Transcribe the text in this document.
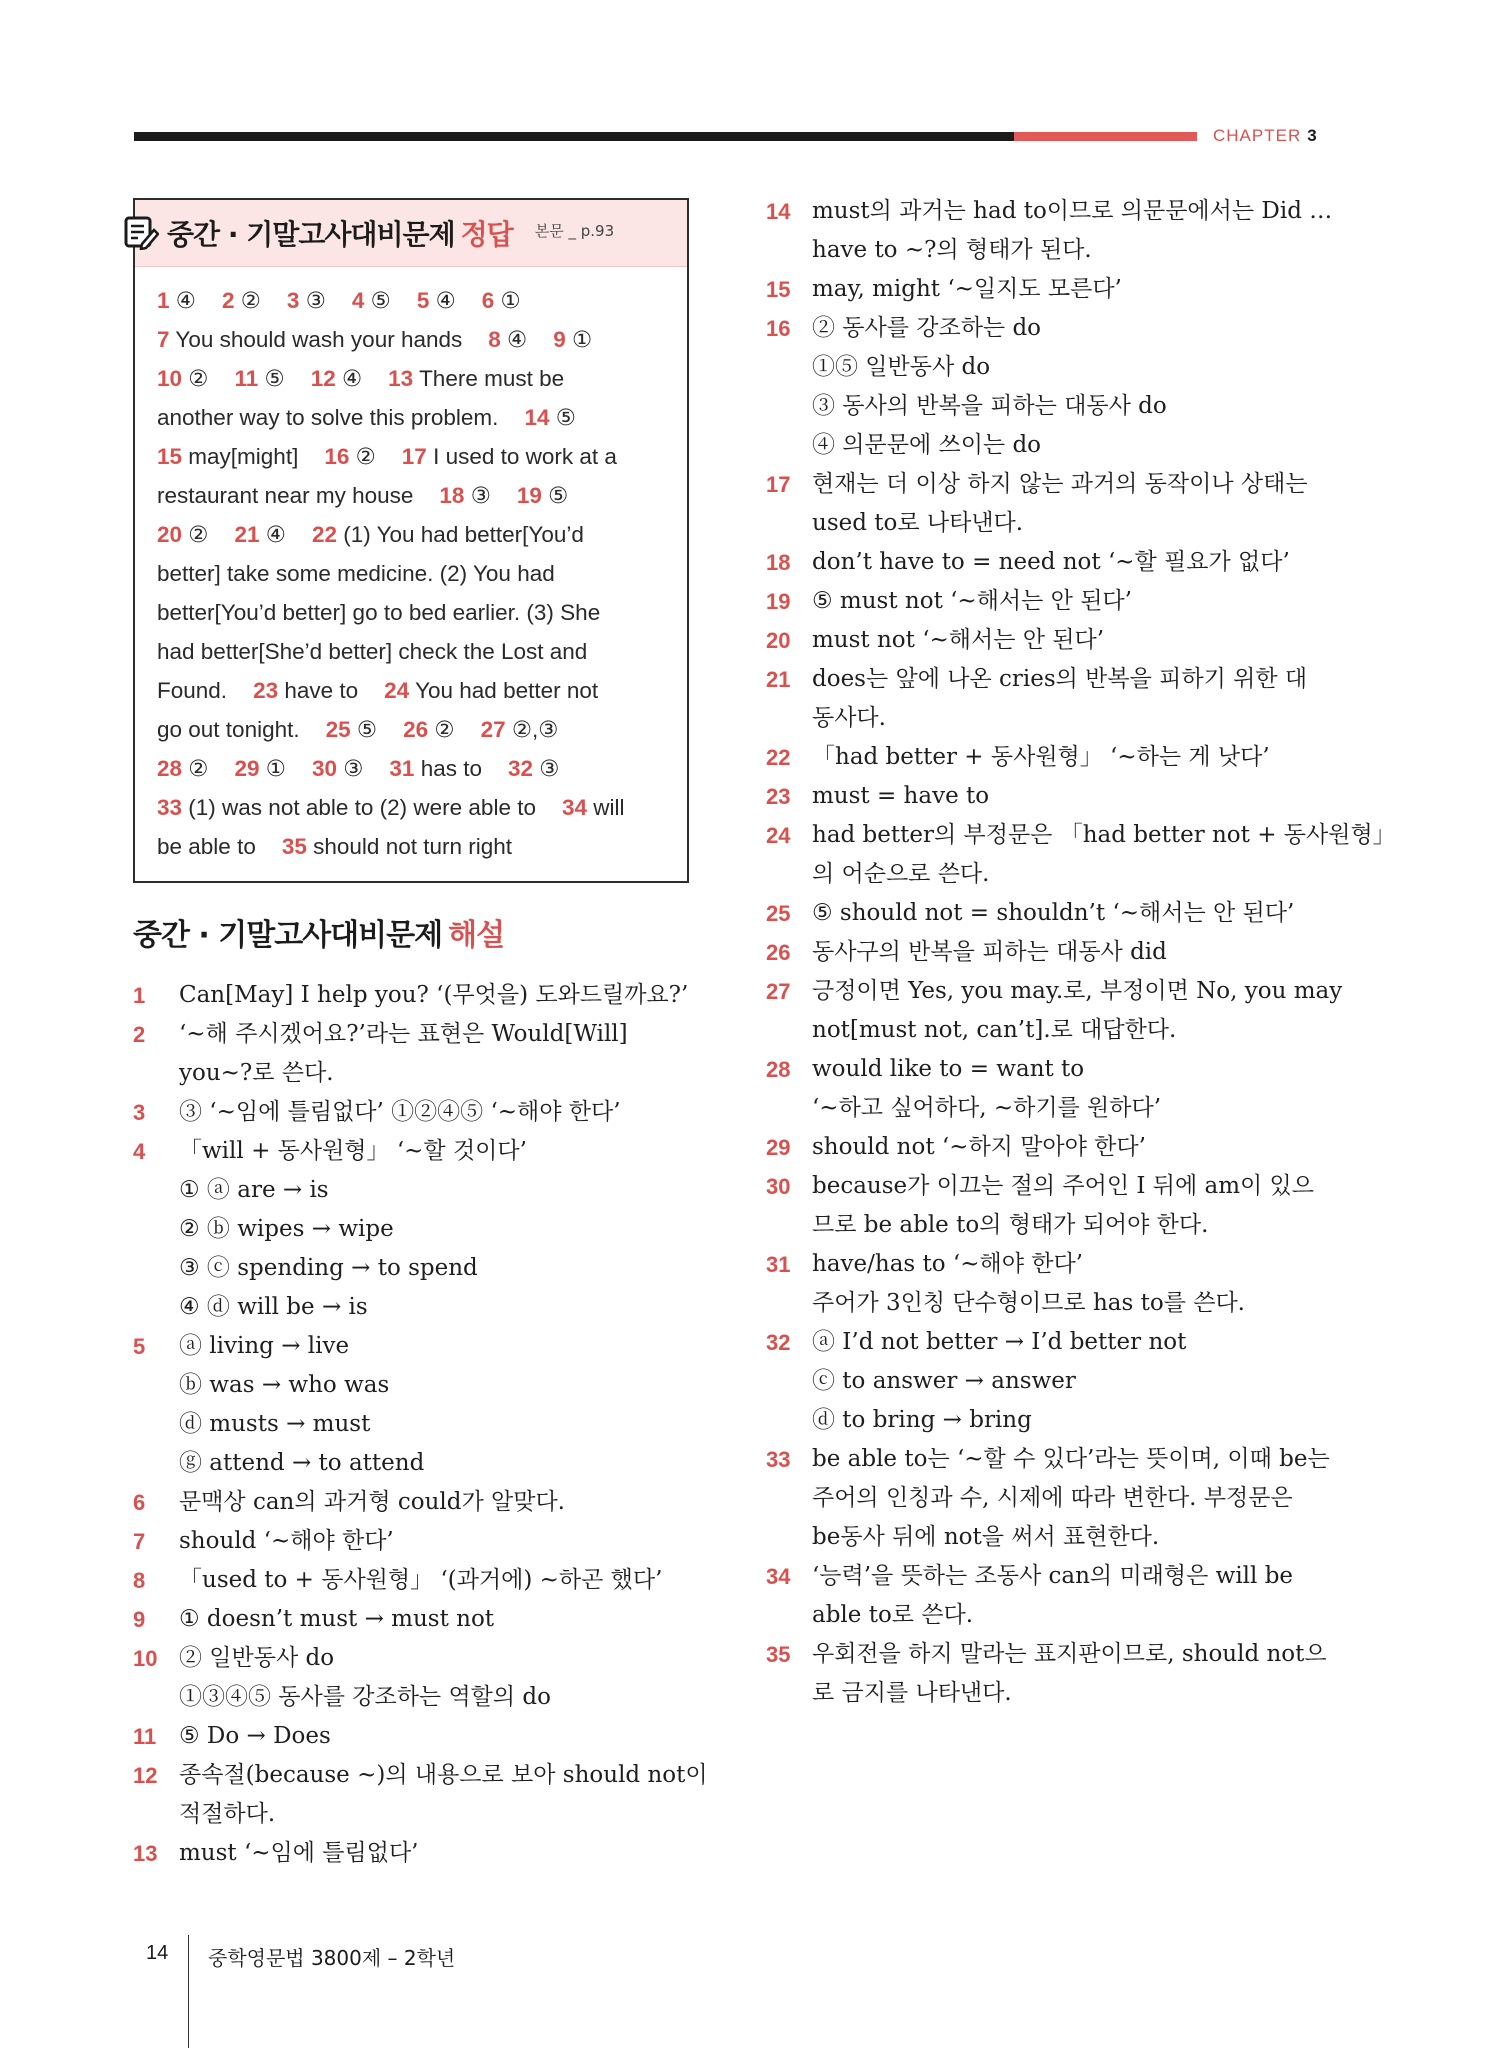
CHAPTER 3
중간 · 기말고사대비문제 정답 본문 _ p.93
1 ④ 2 ② 3 ③ 4 ⑤ 5 ④ 6 ①
7 You should wash your hands 8 ④ 9 ①
10 ② 11 ⑤ 12 ④ 13 There must be
another way to solve this problem. 14 ⑤
15 may[might] 16 ② 17 I used to work at a
restaurant near my house 18 ③ 19 ⑤
20 ② 21 ④ 22 (1) You had better[You’d
better] take some medicine. (2) You had
better[You’d better] go to bed earlier. (3) She
had better[She’d better] check the Lost and
Found. 23 have to 24 You had better not
go out tonight. 25 ⑤ 26 ② 27 ②,③
28 ② 29 ① 30 ③ 31 has to 32 ③
33 (1) was not able to (2) were able to 34 will
be able to 35 should not turn right
중간 · 기말고사대비문제 해설
1	Can[May] I help you? ‘(무엇을) 도와드릴까요?’
2	‘~해 주시겠어요?’라는 표현은 Would[Will]
you~?로 쓴다.
3	③ ‘~임에 틀림없다’ ①②④⑤ ‘~해야 한다’
4	「will + 동사원형」 ‘~할 것이다’
① ⓐ are → is
② ⓑ wipes → wipe
③ ⓒ spending → to spend
④ ⓓ will be → is
5	ⓐ living → live
ⓑ was → who was
ⓓ musts → must
ⓖ attend → to attend
6	문맥상 can의 과거형 could가 알맞다.
7	should ‘~해야 한다’
8	「used to + 동사원형」 ‘(과거에) ~하곤 했다’
9	① doesn’t must → must not
10 ② 일반동사 do
①③④⑤ 동사를 강조하는 역할의 do
11 ⑤ Do → Does
12 종속절(because ~)의 내용으로 보아 should not이
적절하다.
13 must ‘~임에 틀림없다’
14 must의 과거는 had to이므로 의문문에서는 Did …
have to ~?의 형태가 된다.
15 may, might ‘~일지도 모른다’
16 ② 동사를 강조하는 do
①⑤ 일반동사 do
③ 동사의 반복을 피하는 대동사 do
④ 의문문에 쓰이는 do
17 현재는 더 이상 하지 않는 과거의 동작이나 상태는
used to로 나타낸다.
18 don’t have to = need not ‘~할 필요가 없다’
19 ⑤ must not ‘~해서는 안 된다’
20 must not ‘~해서는 안 된다’
21 does는 앞에 나온 cries의 반복을 피하기 위한 대
동사다.
22 「had better + 동사원형」 ‘~하는 게 낫다’
23 must = have to
24 had better의 부정문은 「had better not + 동사원형」
의 어순으로 쓴다.
25 ⑤ should not = shouldn’t ‘~해서는 안 된다’
26 동사구의 반복을 피하는 대동사 did
27 긍정이면 Yes, you may.로, 부정이면 No, you may
not[must not, can’t].로 대답한다.
28 would like to = want to
‘~하고 싶어하다, ~하기를 원하다’
29 should not ‘~하지 말아야 한다’
30 because가 이끄는 절의 주어인 I 뒤에 am이 있으
므로 be able to의 형태가 되어야 한다.
31 have/has to ‘~해야 한다’
주어가 3인칭 단수형이므로 has to를 쓴다.
32 ⓐ I’d not better → I’d better not
ⓒ to answer → answer
ⓓ to bring → bring
33 be able to는 ‘~할 수 있다’라는 뜻이며, 이때 be는
주어의 인칭과 수, 시제에 따라 변한다. 부정문은
be동사 뒤에 not을 써서 표현한다.
34 ‘능력’을 뜻하는 조동사 can의 미래형은 will be
able to로 쓴다.
35 우회전을 하지 말라는 표지판이므로, should not으
로 금지를 나타낸다.
14 중학영문법 3800제 – 2학년
